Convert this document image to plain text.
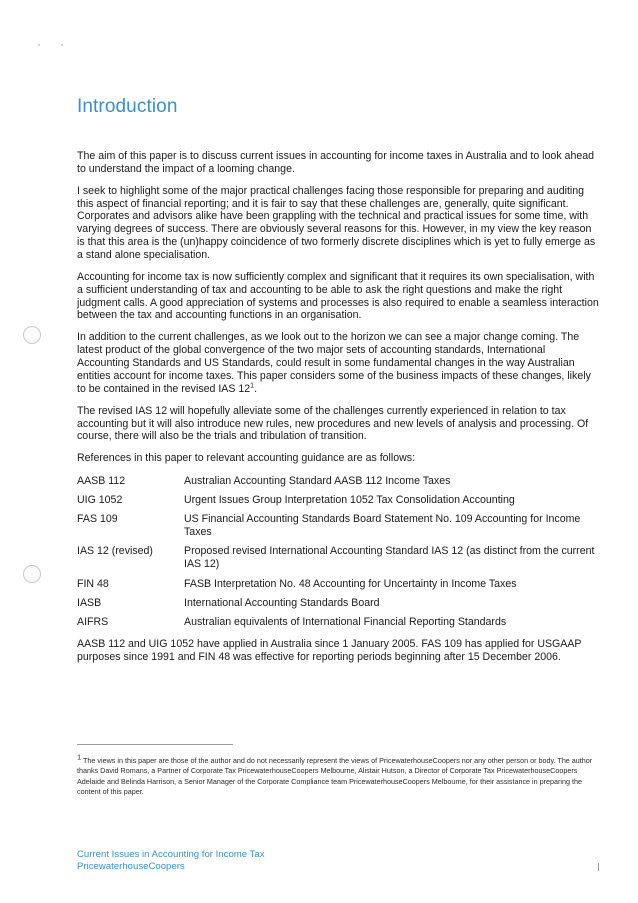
Introduction

The aim of this paper is to discuss current issues in accounting for income taxes in Australia and to look ahead to understand the impact of a looming change.

I seek to highlight some of the major practical challenges facing those responsible for preparing and auditing this aspect of financial reporting; and it is fair to say that these challenges are, generally, quite significant. Corporates and advisors alike have been grappling with the technical and practical issues for some time, with varying degrees of success. There are obviously several reasons for this. However, in my view the key reason is that this area is the (un)happy coincidence of two formerly discrete disciplines which is yet to fully emerge as a stand alone specialisation.

Accounting for income tax is now sufficiently complex and significant that it requires its own specialisation, with a sufficient understanding of tax and accounting to be able to ask the right questions and make the right judgment calls. A good appreciation of systems and processes is also required to enable a seamless interaction between the tax and accounting functions in an organisation.

In addition to the current challenges, as we look out to the horizon we can see a major change coming. The latest product of the global convergence of the two major sets of accounting standards, International Accounting Standards and US Standards, could result in some fundamental changes in the way Australian entities account for income taxes. This paper considers some of the business impacts of these changes, likely to be contained in the revised IAS $12^1$.

The revised IAS 12 will hopefully alleviate some of the challenges currently experienced in relation to tax accounting but it will also introduce new rules, new procedures and new levels of analysis and processing. Of course, there will also be the trials and tribulation of transition.

References in this paper to relevant accounting guidance are as follows:

AASB 112	Australian Accounting Standard AASB 112 Income Taxes
UIG 1052	Urgent Issues Group Interpretation 1052 Tax Consolidation Accounting
FAS 109	US Financial Accounting Standards Board Statement No. 109 Accounting for Income Taxes
IAS 12 (revised)	Proposed revised International Accounting Standard IAS 12 (as distinct from the current IAS 12)
FIN 48	FASB Interpretation No. 48 Accounting for Uncertainty in Income Taxes
IASB	International Accounting Standards Board
AIFRS	Australian equivalents of International Financial Reporting Standards

AASB 112 and UIG 1052 have applied in Australia since 1 January 2005. FAS 109 has applied for USGAAP purposes since 1991 and FIN 48 was effective for reporting periods beginning after 15 December 2006.

1 The views in this paper are those of the author and do not necessarily represent the views of PricewaterhouseCoopers nor any other person or body. The author thanks David Romans, a Partner of Corporate Tax PricewaterhouseCoopers Melbourne, Alistair Hutson, a Director of Corporate Tax PricewaterhouseCoopers Adelaide and Belinda Harrison, a Senior Manager of the Corporate Compliance team PricewaterhouseCoopers Melbourne, for their assistance in preparing the content of this paper.
Current Issues in Accounting for Income Tax
PricewaterhouseCoopers
